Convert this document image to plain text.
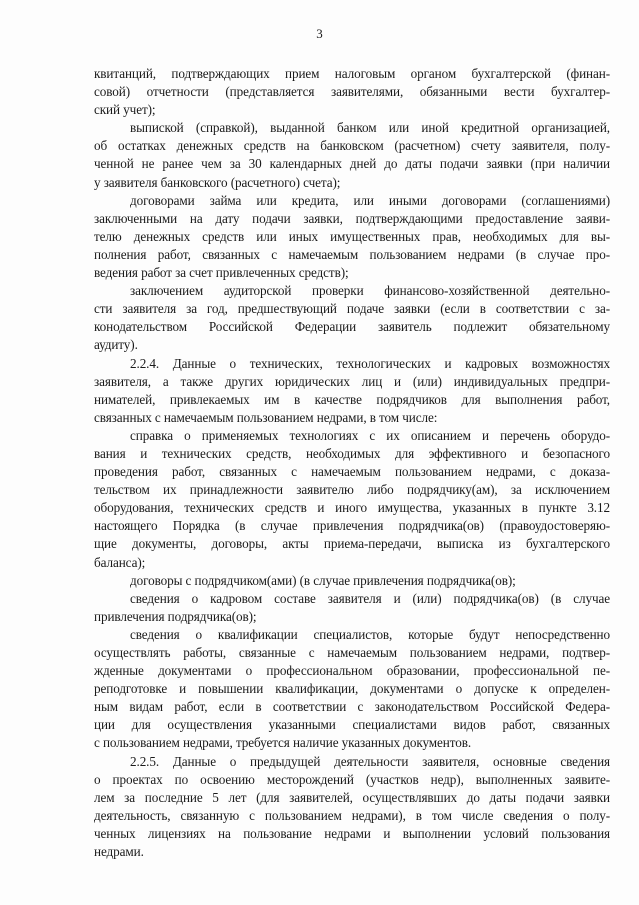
3
квитанций, подтверждающих прием налоговым органом бухгалтерской (финан-
совой) отчетности (представляется заявителями, обязанными вести бухгалтер-
ский учет);
выпиской (справкой), выданной банком или иной кредитной организацией,
об остатках денежных средств на банковском (расчетном) счету заявителя, полу-
ченной не ранее чем за 30 календарных дней до даты подачи заявки (при наличии
у заявителя банковского (расчетного) счета);
договорами займа или кредита, или иными договорами (соглашениями)
заключенными на дату подачи заявки, подтверждающими предоставление заяви-
телю денежных средств или иных имущественных прав, необходимых для вы-
полнения работ, связанных с намечаемым пользованием недрами (в случае про-
ведения работ за счет привлеченных средств);
заключением аудиторской проверки финансово-хозяйственной деятельно-
сти заявителя за год, предшествующий подаче заявки (если в соответствии с за-
конодательством Российской Федерации заявитель подлежит обязательному
аудиту).
2.2.4. Данные о технических, технологических и кадровых возможностях
заявителя, а также других юридических лиц и (или) индивидуальных предпри-
нимателей, привлекаемых им в качестве подрядчиков для выполнения работ,
связанных с намечаемым пользованием недрами, в том числе:
справка о применяемых технологиях с их описанием и перечень оборудо-
вания и технических средств, необходимых для эффективного и безопасного
проведения работ, связанных с намечаемым пользованием недрами, с доказа-
тельством их принадлежности заявителю либо подрядчику(ам), за исключением
оборудования, технических средств и иного имущества, указанных в пункте 3.12
настоящего Порядка (в случае привлечения подрядчика(ов) (правоудостоверяю-
щие документы, договоры, акты приема-передачи, выписка из бухгалтерского
баланса);
договоры с подрядчиком(ами) (в случае привлечения подрядчика(ов);
сведения о кадровом составе заявителя и (или) подрядчика(ов) (в случае
привлечения подрядчика(ов);
сведения о квалификации специалистов, которые будут непосредственно
осуществлять работы, связанные с намечаемым пользованием недрами, подтвер-
жденные документами о профессиональном образовании, профессиональной пе-
реподготовке и повышении квалификации, документами о допуске к определен-
ным видам работ, если в соответствии с законодательством Российской Федера-
ции для осуществления указанными специалистами видов работ, связанных
с пользованием недрами, требуется наличие указанных документов.
2.2.5. Данные о предыдущей деятельности заявителя, основные сведения
о проектах по освоению месторождений (участков недр), выполненных заявите-
лем за последние 5 лет (для заявителей, осуществлявших до даты подачи заявки
деятельность, связанную с пользованием недрами), в том числе сведения о полу-
ченных лицензиях на пользование недрами и выполнении условий пользования
недрами.
